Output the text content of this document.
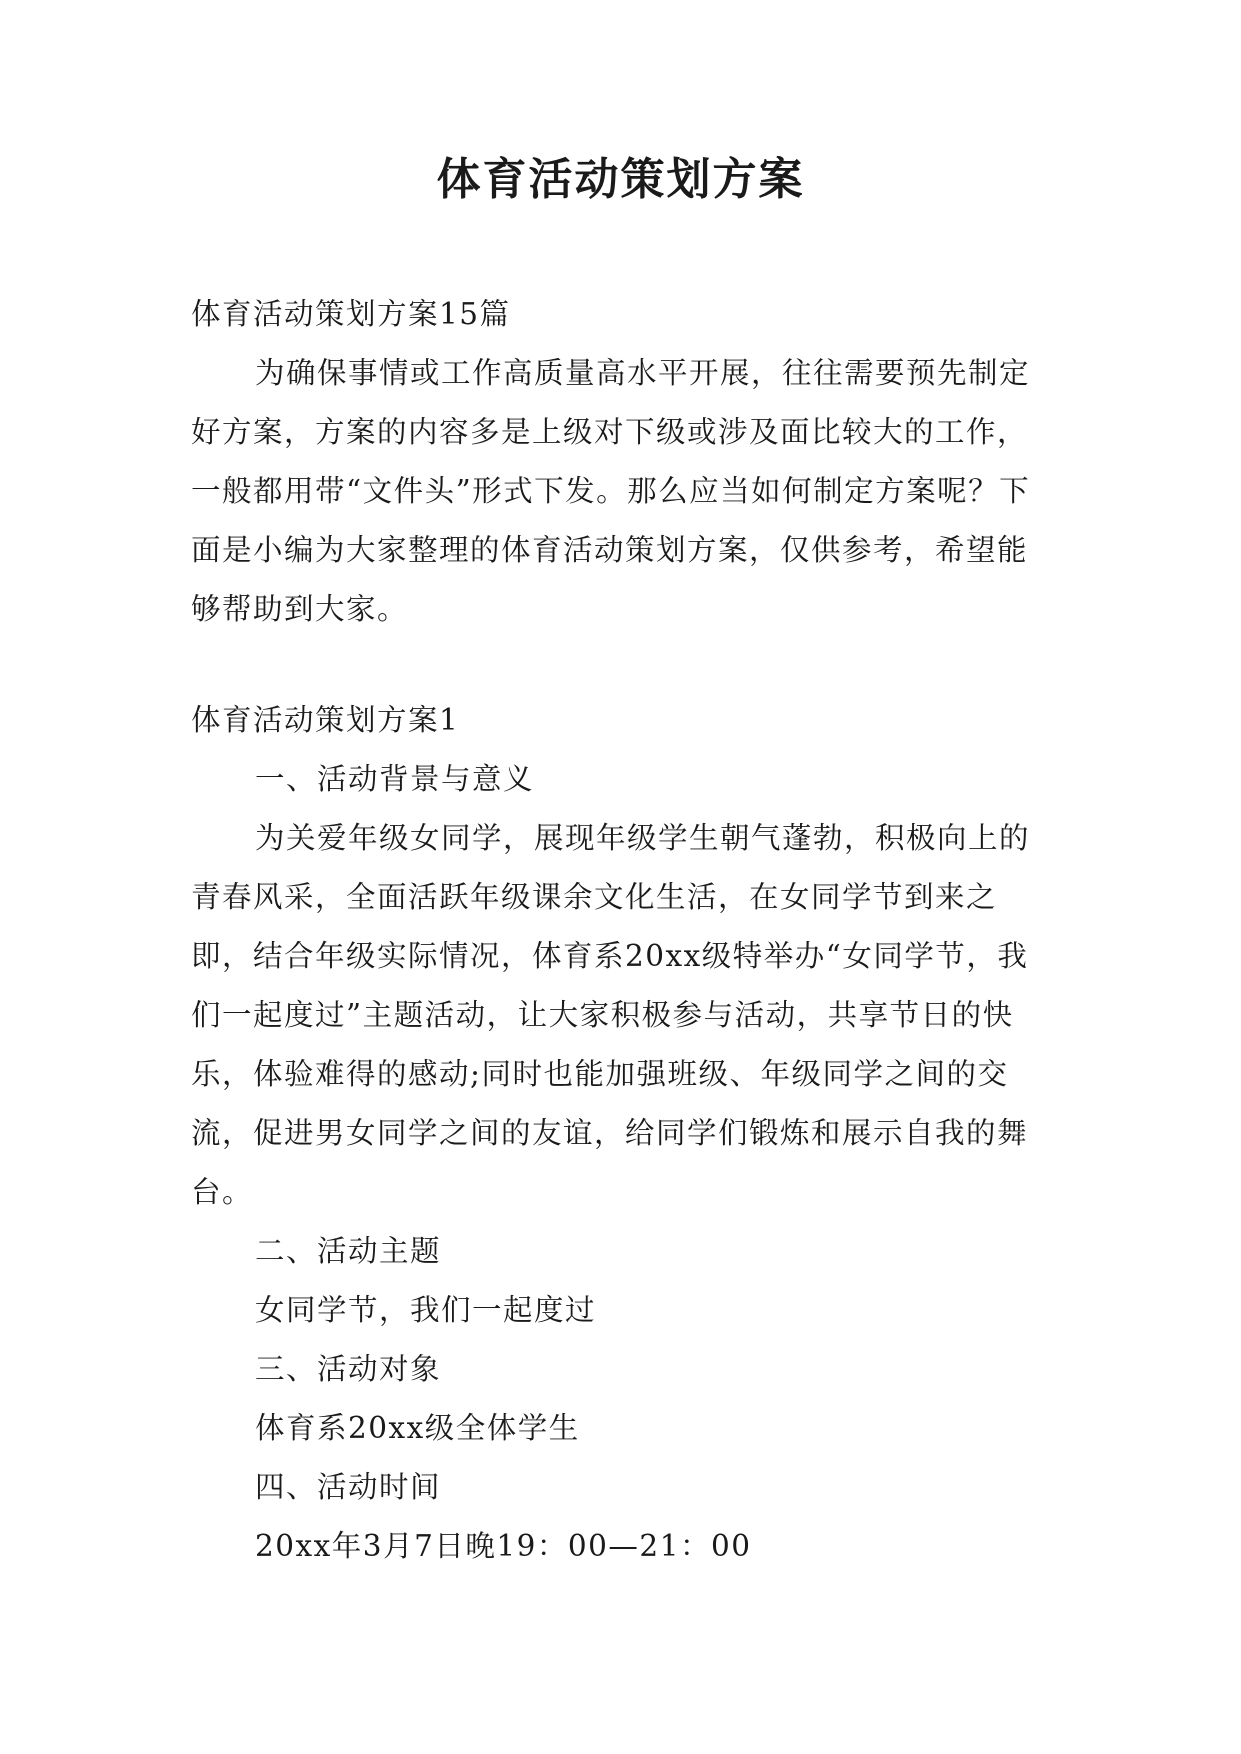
体育活动策划方案

体育活动策划方案15篇

为确保事情或工作高质量高水平开展，往往需要预先制定好方案，方案的内容多是上级对下级或涉及面比较大的工作，一般都用带“文件头”形式下发。那么应当如何制定方案呢？下面是小编为大家整理的体育活动策划方案，仅供参考，希望能够帮助到大家。

体育活动策划方案1

一、活动背景与意义

为关爱年级女同学，展现年级学生朝气蓬勃，积极向上的青春风采，全面活跃年级课余文化生活，在女同学节到来之即，结合年级实际情况，体育系20xx级特举办“女同学节，我们一起度过”主题活动，让大家积极参与活动，共享节日的快乐，体验难得的感动;同时也能加强班级、年级同学之间的交流，促进男女同学之间的友谊，给同学们锻炼和展示自我的舞台。

二、活动主题

女同学节，我们一起度过

三、活动对象

体育系20xx级全体学生

四、活动时间

20xx年3月7日晚19：00—21：00
